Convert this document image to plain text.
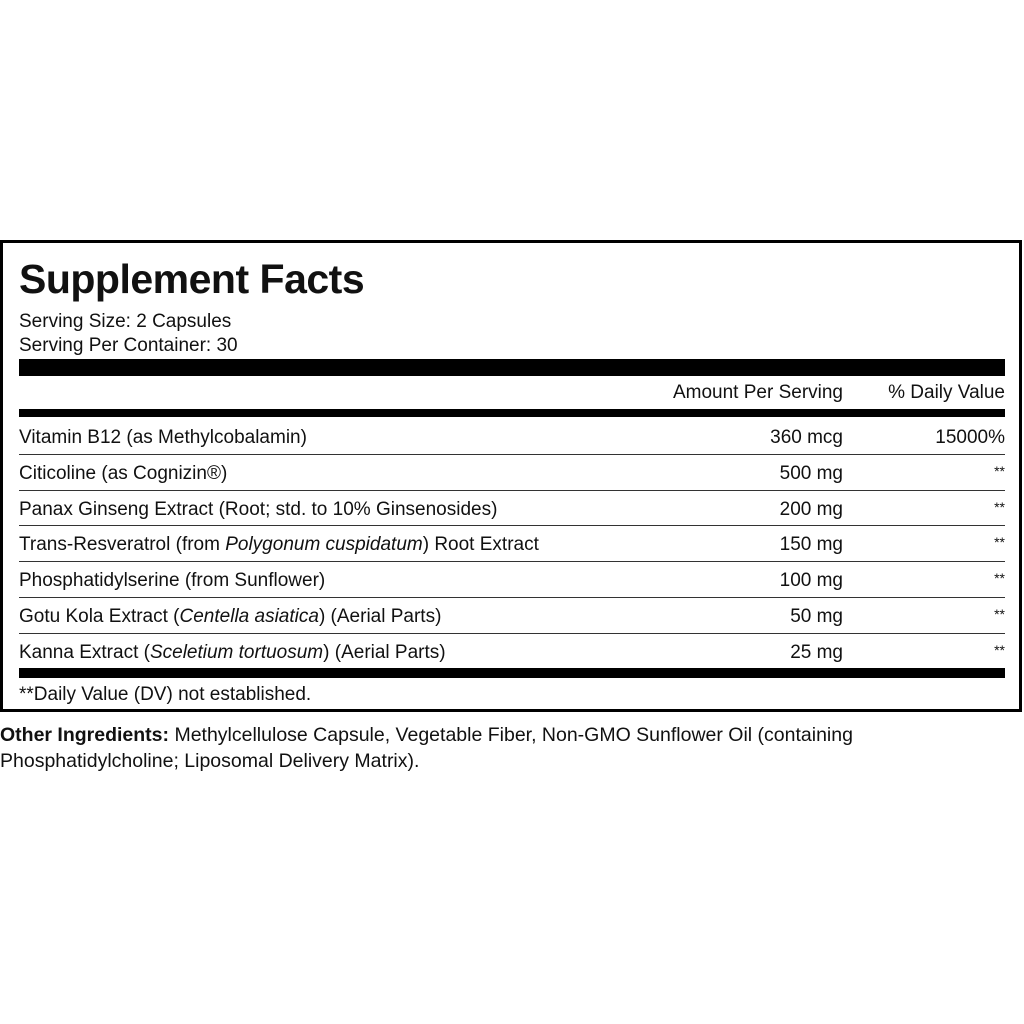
Supplement Facts
Serving Size: 2 Capsules
Serving Per Container: 30
Amount Per Serving % Daily Value
Vitamin B12 (as Methylcobalamin)	360 mcg	15000%
Citicoline (as Cognizin®)	500 mg	**
Panax Ginseng Extract (Root; std. to 10% Ginsenosides)	200 mg	**
Trans-Resveratrol (from Polygonum cuspidatum) Root Extract	150 mg	**
Phosphatidylserine (from Sunflower)	100 mg	**
Gotu Kola Extract (Centella asiatica) (Aerial Parts)	50 mg	**
Kanna Extract (Sceletium tortuosum) (Aerial Parts)	25 mg	**
**Daily Value (DV) not established.
Other Ingredients: Methylcellulose Capsule, Vegetable Fiber, Non-GMO Sunflower Oil (containing Phosphatidylcholine; Liposomal Delivery Matrix).
